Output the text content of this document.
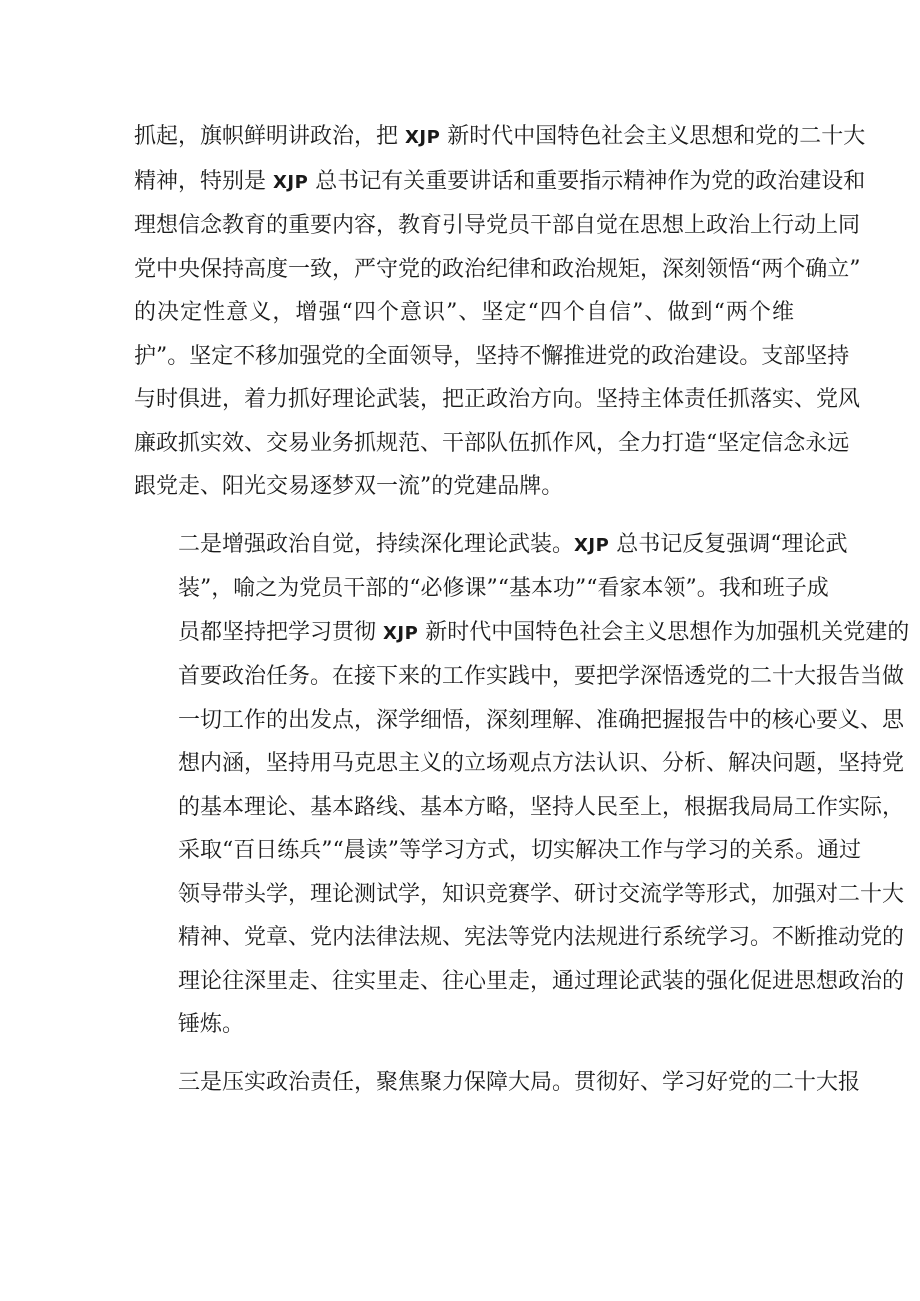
抓起，旗帜鲜明讲政治，把 XJP 新时代中国特色社会主义思想和党的二十大
精神，特别是 XJP 总书记有关重要讲话和重要指示精神作为党的政治建设和
理想信念教育的重要内容，教育引导党员干部自觉在思想上政治上行动上同
党中央保持高度一致，严守党的政治纪律和政治规矩，深刻领悟“两个确立”
的决定性意义，增强“四个意识”、坚定“四个自信”、做到“两个维
护”。坚定不移加强党的全面领导，坚持不懈推进党的政治建设。支部坚持
与时俱进，着力抓好理论武装，把正政治方向。坚持主体责任抓落实、党风
廉政抓实效、交易业务抓规范、干部队伍抓作风，全力打造“坚定信念永远
跟党走、阳光交易逐梦双一流”的党建品牌。
二是增强政治自觉，持续深化理论武装。XJP 总书记反复强调“理论武
装”，喻之为党员干部的“必修课”“基本功”“看家本领”。我和班子成
员都坚持把学习贯彻 XJP 新时代中国特色社会主义思想作为加强机关党建的
首要政治任务。在接下来的工作实践中，要把学深悟透党的二十大报告当做
一切工作的出发点，深学细悟，深刻理解、准确把握报告中的核心要义、思
想内涵，坚持用马克思主义的立场观点方法认识、分析、解决问题，坚持党
的基本理论、基本路线、基本方略，坚持人民至上，根据我局局工作实际，
采取“百日练兵”“晨读”等学习方式，切实解决工作与学习的关系。通过
领导带头学，理论测试学，知识竞赛学、研讨交流学等形式，加强对二十大
精神、党章、党内法律法规、宪法等党内法规进行系统学习。不断推动党的
理论往深里走、往实里走、往心里走，通过理论武装的强化促进思想政治的
锤炼。
三是压实政治责任，聚焦聚力保障大局。贯彻好、学习好党的二十大报
